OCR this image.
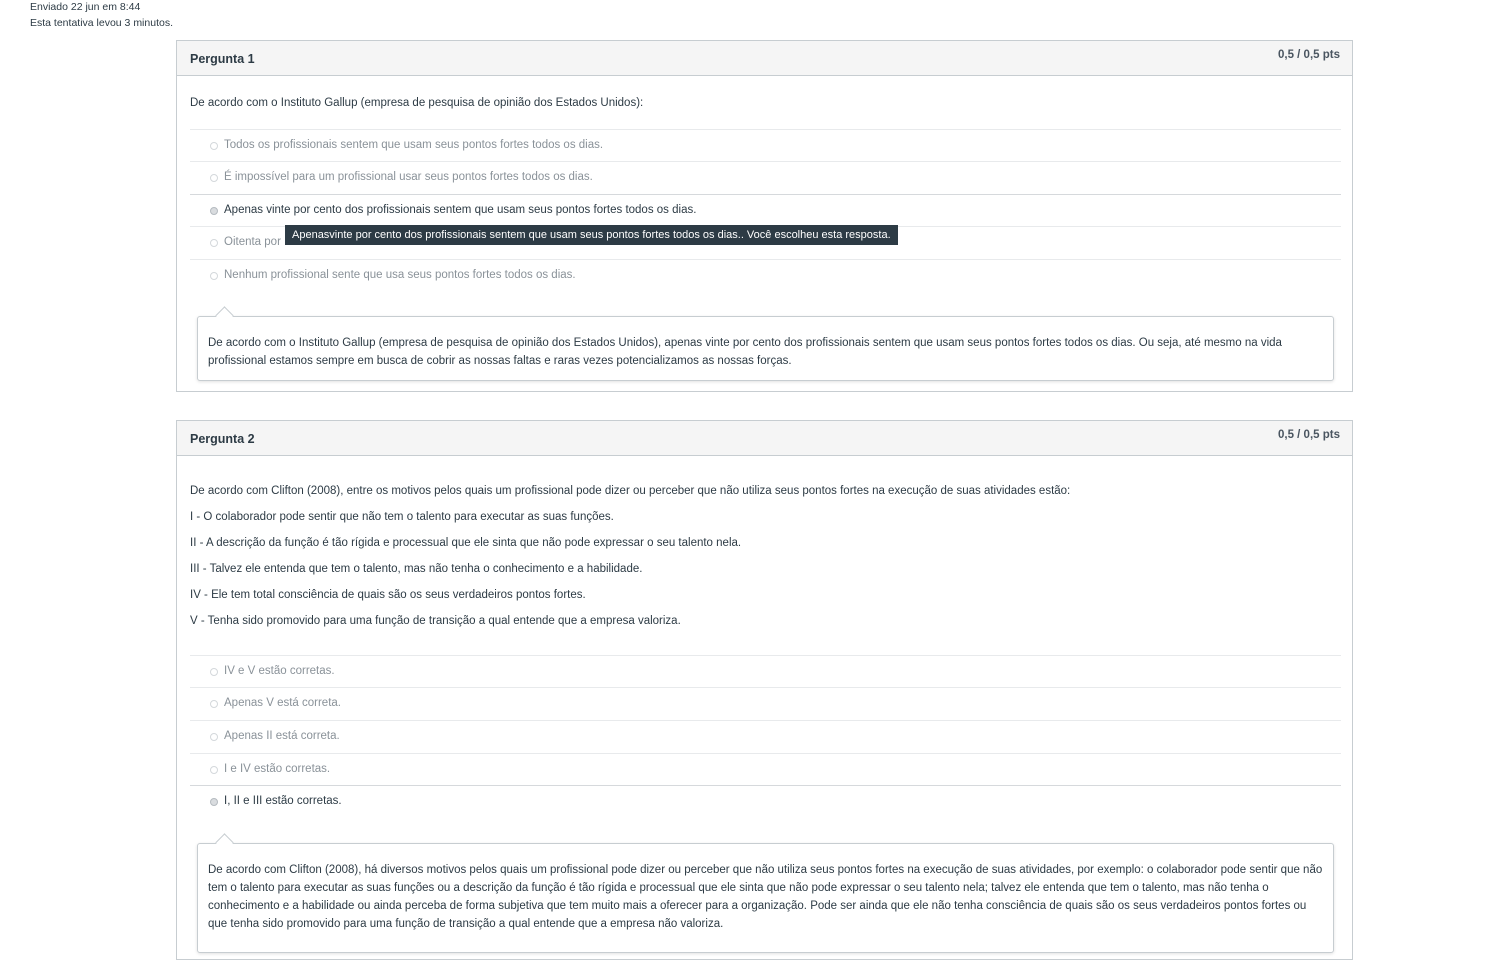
Enviado 22 jun em 8:44
Esta tentativa levou 3 minutos.
Pergunta 1	0,5 / 0,5 pts
De acordo com o Instituto Gallup (empresa de pesquisa de opinião dos Estados Unidos):
Todos os profissionais sentem que usam seus pontos fortes todos os dias.
É impossível para um profissional usar seus pontos fortes todos os dias.
Apenas vinte por cento dos profissionais sentem que usam seus pontos fortes todos os dias.
Oitenta por
Nenhum profissional sente que usa seus pontos fortes todos os dias.
De acordo com o Instituto Gallup (empresa de pesquisa de opinião dos Estados Unidos), apenas vinte por cento dos profissionais sentem que usam seus pontos fortes todos os dias. Ou seja, até mesmo na vida profissional estamos sempre em busca de cobrir as nossas faltas e raras vezes potencializamos as nossas forças.
Apenasvinte por cento dos profissionais sentem que usam seus pontos fortes todos os dias.. Você escolheu esta resposta.
Pergunta 2	0,5 / 0,5 pts
De acordo com Clifton (2008), entre os motivos pelos quais um profissional pode dizer ou perceber que não utiliza seus pontos fortes na execução de suas atividades estão:
I - O colaborador pode sentir que não tem o talento para executar as suas funções.
II - A descrição da função é tão rígida e processual que ele sinta que não pode expressar o seu talento nela.
III - Talvez ele entenda que tem o talento, mas não tenha o conhecimento e a habilidade.
IV - Ele tem total consciência de quais são os seus verdadeiros pontos fortes.
V - Tenha sido promovido para uma função de transição a qual entende que a empresa valoriza.
IV e V estão corretas.
Apenas V está correta.
Apenas II está correta.
I e IV estão corretas.
I, II e III estão corretas.
De acordo com Clifton (2008), há diversos motivos pelos quais um profissional pode dizer ou perceber que não utiliza seus pontos fortes na execução de suas atividades, por exemplo: o colaborador pode sentir que não tem o talento para executar as suas funções ou a descrição da função é tão rígida e processual que ele sinta que não pode expressar o seu talento nela; talvez ele entenda que tem o talento, mas não tenha o conhecimento e a habilidade ou ainda perceba de forma subjetiva que tem muito mais a oferecer para a organização. Pode ser ainda que ele não tenha consciência de quais são os seus verdadeiros pontos fortes ou que tenha sido promovido para uma função de transição a qual entende que a empresa não valoriza.
